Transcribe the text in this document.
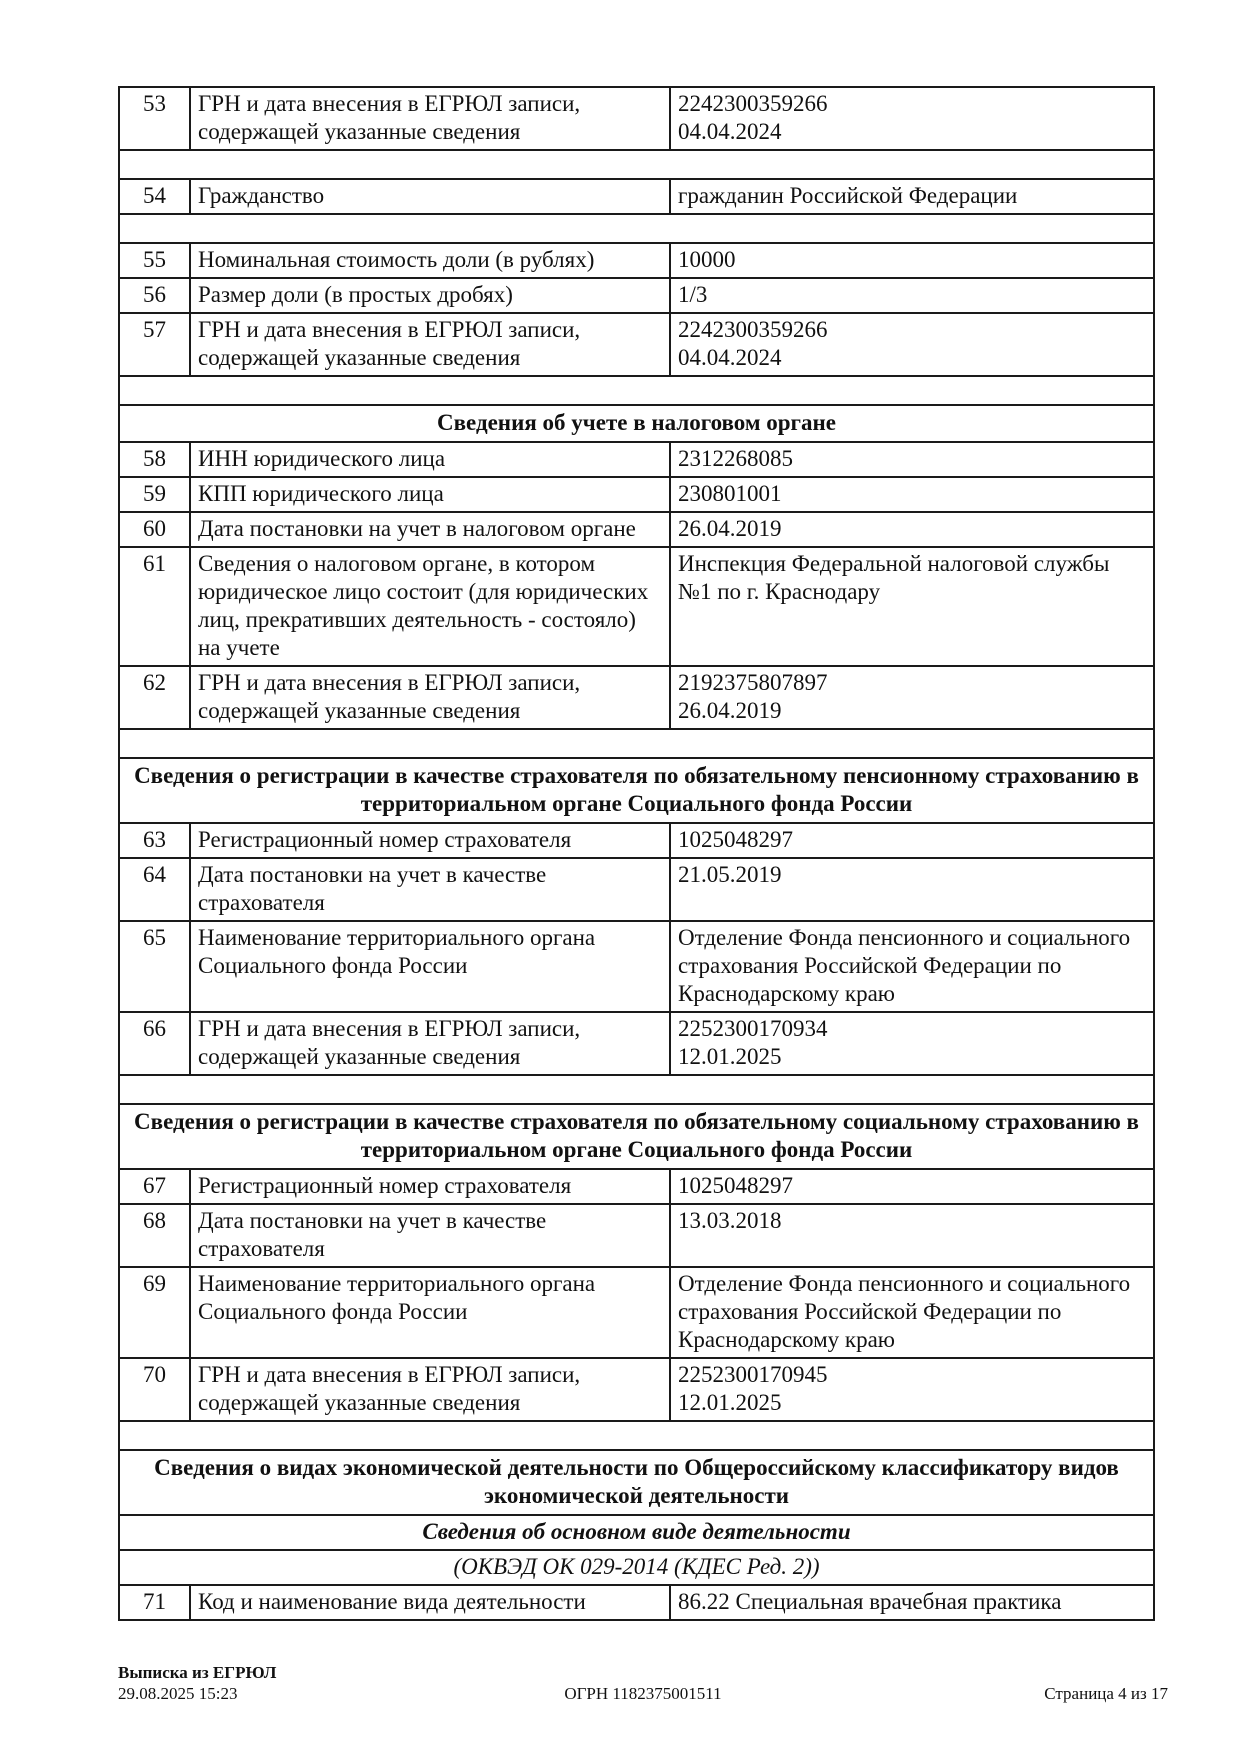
53	ГРН и дата внесения в ЕГРЮЛ записи, содержащей указанные сведения	2242300359266
04.04.2024

54	Гражданство	гражданин Российской Федерации

55	Номинальная стоимость доли (в рублях)	10000

56	Размер доли (в простых дробях)	1/3

57	ГРН и дата внесения в ЕГРЮЛ записи, содержащей указанные сведения	2242300359266
04.04.2024

Сведения об учете в налоговом органе		
58	ИНН юридического лица	2312268085

59	КПП юридического лица	230801001

60	Дата постановки на учет в налоговом органе	26.04.2019

61	Сведения о налоговом органе, в котором юридическое лицо состоит (для юридических лиц, прекративших деятельность - состояло) на учете	Инспекция Федеральной налоговой службы №1 по г. Краснодару

62	ГРН и дата внесения в ЕГРЮЛ записи, содержащей указанные сведения	2192375807897
26.04.2019

Сведения о регистрации в качестве страхователя по обязательному пенсионному страхованию в территориальном органе Социального фонда России		
63	Регистрационный номер страхователя	1025048297

64	Дата постановки на учет в качестве страхователя	21.05.2019

65	Наименование территориального органа Социального фонда России	Отделение Фонда пенсионного и социального страхования Российской Федерации по Краснодарскому краю

66	ГРН и дата внесения в ЕГРЮЛ записи, содержащей указанные сведения	2252300170934
12.01.2025

Сведения о регистрации в качестве страхователя по обязательному социальному страхованию в территориальном органе Социального фонда России		
67	Регистрационный номер страхователя	1025048297

68	Дата постановки на учет в качестве страхователя	13.03.2018

69	Наименование территориального органа Социального фонда России	Отделение Фонда пенсионного и социального страхования Российской Федерации по Краснодарскому краю

70	ГРН и дата внесения в ЕГРЮЛ записи, содержащей указанные сведения	2252300170945
12.01.2025

Сведения о видах экономической деятельности по Общероссийскому классификатору видов экономической деятельности		
Сведения об основном виде деятельности		
(ОКВЭД ОК 029-2014 (КДЕС Ред. 2))		
71	Код и наименование вида деятельности	86.22 Специальная врачебная практика
Выписка из ЕГРЮЛ
29.08.2025 15:23	ОГРН 1182375001511	Страница 4 из 17
